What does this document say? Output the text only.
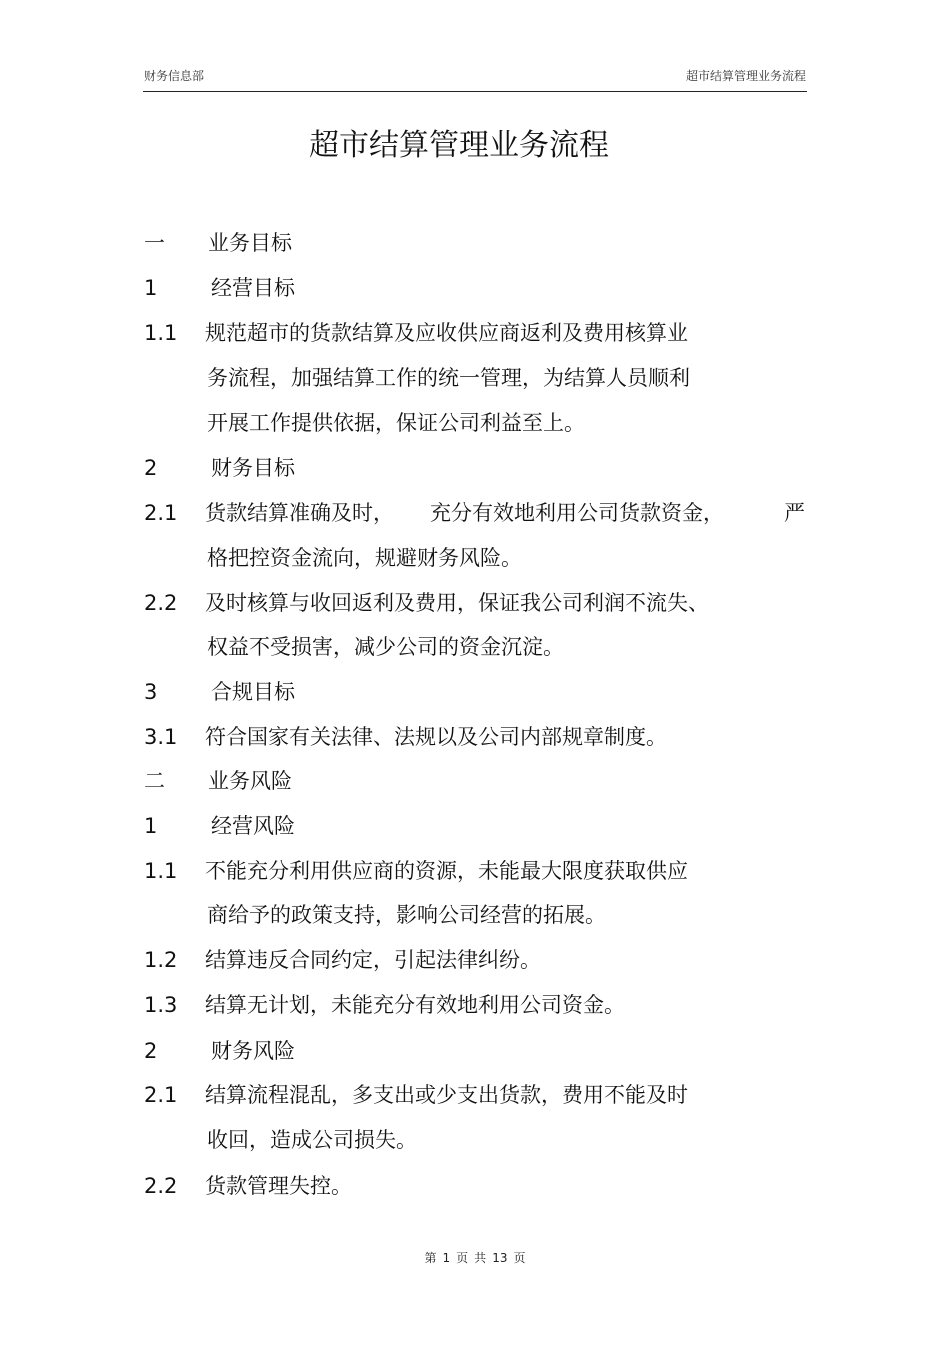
财务信息部	超市结算管理业务流程
超市结算管理业务流程
一 业务目标
1	经营目标
1.1 规范超市的货款结算及应收供应商返利及费用核算业
务流程，加强结算工作的统一管理，为结算人员顺利
开展工作提供依据，保证公司利益至上。
2	财务目标
2.1 货款结算准确及时， 充分有效地利用公司货款资金，	严
格把控资金流向，规避财务风险。
2.2 及时核算与收回返利及费用，保证我公司利润不流失、
权益不受损害，减少公司的资金沉淀。
3	合规目标
3.1 符合国家有关法律、法规以及公司内部规章制度。
二 业务风险
1	经营风险
1.1 不能充分利用供应商的资源，未能最大限度获取供应
商给予的政策支持，影响公司经营的拓展。
1.2 结算违反合同约定，引起法律纠纷。
1.3 结算无计划，未能充分有效地利用公司资金。
2	财务风险
2.1 结算流程混乱，多支出或少支出货款，费用不能及时
收回，造成公司损失。
2.2 货款管理失控。
第 1 页 共 13 页
